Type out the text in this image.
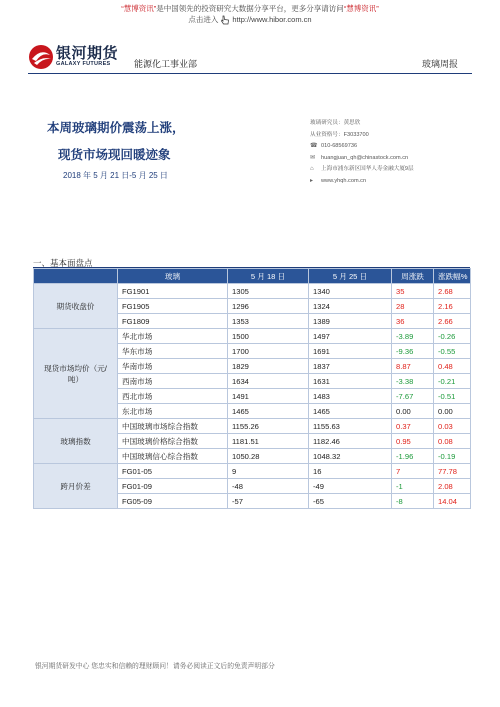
“慧博资讯”是中国领先的投资研究大数据分享平台，更多分享请访问“慧博资讯”
点击进入 http://www.hibor.com.cn
银河期货
GALAXY FUTURES	能源化工事业部	玻璃周报
本周玻璃期价震荡上涨，
现货市场现回暖迹象
2018 年 5 月 21 日-5 月 25 日
玻璃研究员：黄思欣
从业资格号：F3033700
☎ 010-68569736
✉	huangjuan_qh@chinastock.com.cn
⌂	上海市浦东新区国华人寿金融大厦9层
▸	www.yhqh.com.cn
一、基本面盘点
	玻璃	5 月 18 日	5 月 25 日	周涨跌	涨跌幅%
期货收盘价	FG1901	1305	1340	35	2.68
	FG1905	1296	1324	28	2.16
	FG1809	1353	1389	36	2.66
现货市场均价（元/吨）	华北市场	1500	1497	-3.89	-0.26
	华东市场	1700	1691	-9.36	-0.55
	华南市场	1829	1837	8.87	0.48
	西南市场	1634	1631	-3.38	-0.21
	西北市场	1491	1483	-7.67	-0.51
	东北市场	1465	1465	0.00	0.00
玻璃指数	中国玻璃市场综合指数	1155.26	1155.63	0.37	0.03
	中国玻璃价格综合指数	1181.51	1182.46	0.95	0.08
	中国玻璃信心综合指数	1050.28	1048.32	-1.96	-0.19
跨月价差	FG01-05	9	16	7	77.78
	FG01-09	-48	-49	-1	2.08
	FG05-09	-57	-65	-8	14.04
银河期货研发中心 您忠实和信赖的理财顾问！请务必阅读正文后的免责声明部分
